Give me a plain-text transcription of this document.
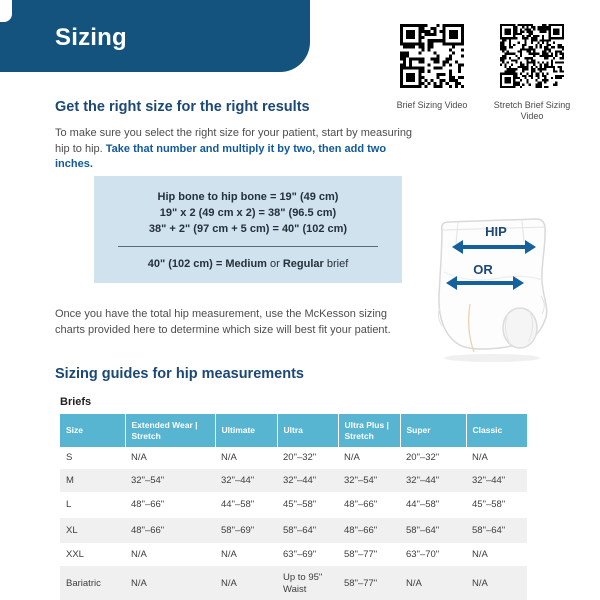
Sizing
Brief Sizing Video	Stretch Brief Sizing Video
Get the right size for the right results
To make sure you select the right size for your patient, start by measuring hip to hip. Take that number and multiply it by two, then add two inches.
Hip bone to hip bone = 19" (49 cm)
19" x 2 (49 cm x 2) = 38" (96.5 cm)
38" + 2" (97 cm + 5 cm) = 40" (102 cm)
40" (102 cm) = Medium or Regular brief
HIP
OR
Once you have the total hip measurement, use the McKesson sizing charts provided here to determine which size will best fit your patient.
Sizing guides for hip measurements
Briefs
Size	Extended Wear | Stretch	Ultimate	Ultra	Ultra Plus | Stretch	Super	Classic
S	N/A	N/A	20"–32"	N/A	20"–32"	N/A
M	32"–54"	32"–44"	32"–44"	32"–54"	32"–44"	32"–44"
L	48"–66"	44"–58"	45"–58"	48"–66"	44"–58"	45"–58"
XL	48"–66"	58"–69"	58"–64"	48"–66"	58"–64"	58"–64"
XXL	N/A	N/A	63"–69"	58"–77"	63"–70"	N/A
Bariatric	N/A	N/A	Up to 95" Waist	58"–77"	N/A	N/A
